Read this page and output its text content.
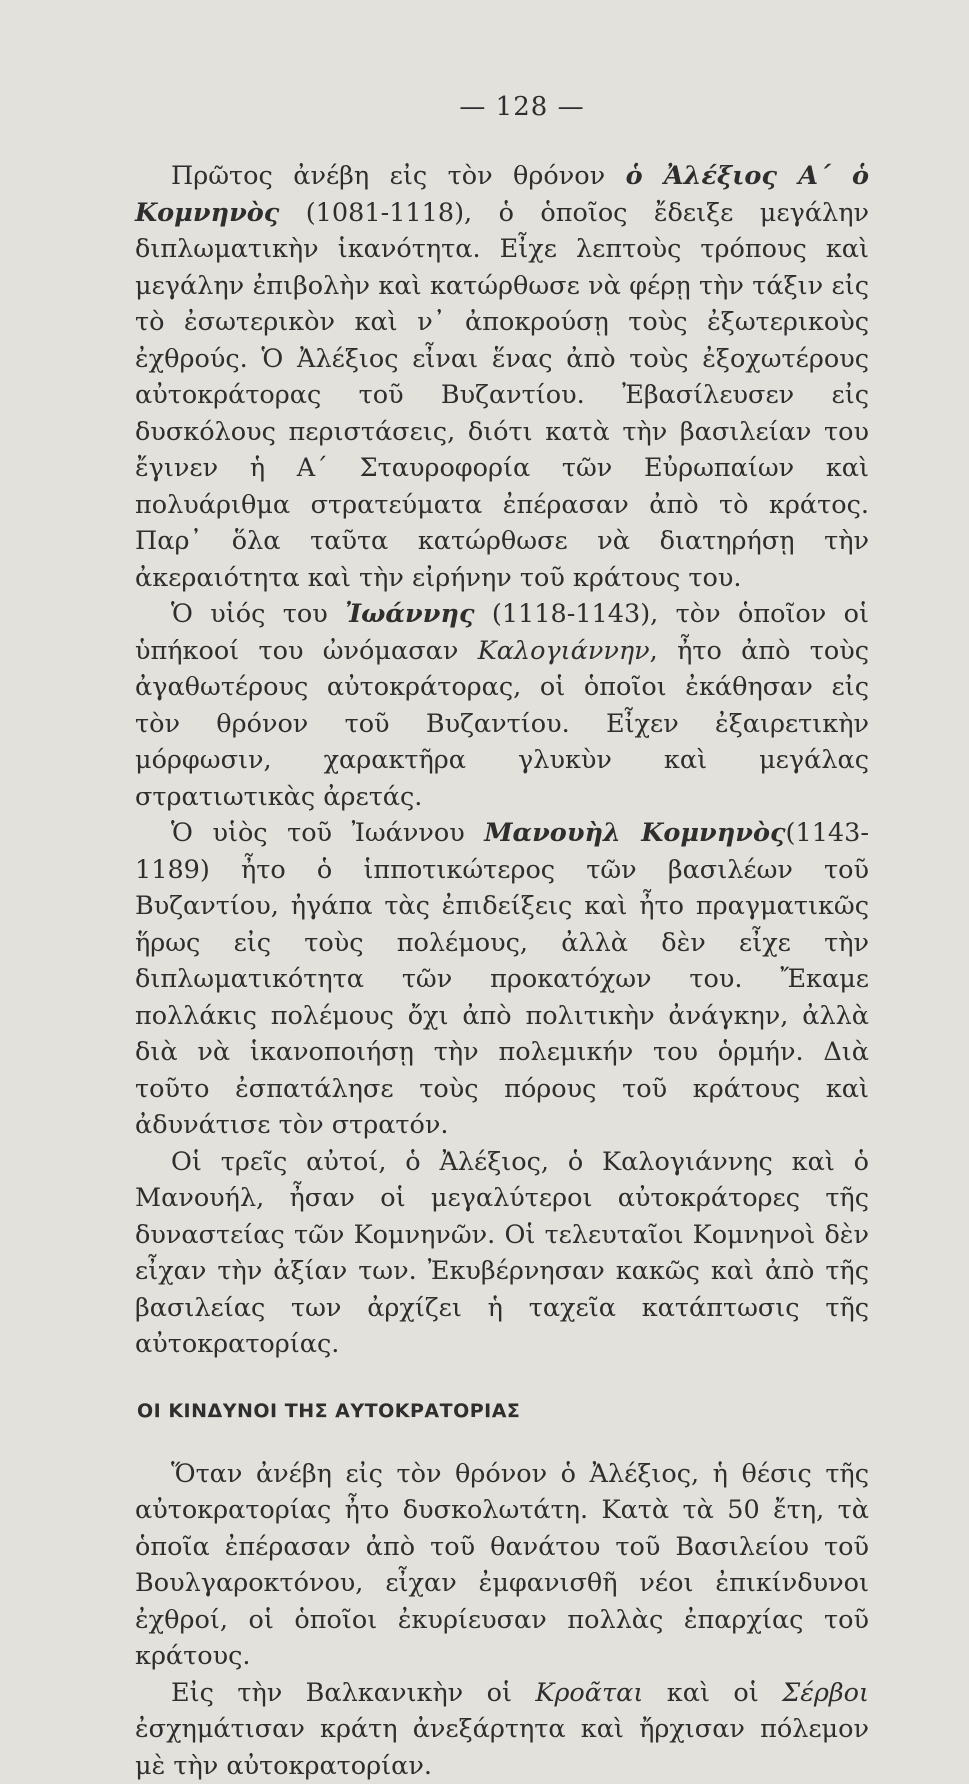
— 128 —

Πρῶτος ἀνέβη εἰς τὸν θρόνον ὁ Ἀλέξιος Α΄ ὁ Κομνηνὸς (1081-1118), ὁ ὁποῖος ἔδειξε μεγάλην διπλωματικὴν ἱκανότητα. Εἶχε λεπτοὺς τρόπους καὶ μεγάλην ἐπιβολὴν καὶ κατώρθωσε νὰ φέρῃ τὴν τάξιν εἰς τὸ ἐσωτερικὸν καὶ ν᾽ ἀποκρούσῃ τοὺς ἐξωτερικοὺς ἐχθρούς. Ὁ Ἀλέξιος εἶναι ἕνας ἀπὸ τοὺς ἐξοχωτέρους αὐτοκράτορας τοῦ Βυζαντίου. Ἐβασίλευσεν εἰς δυσκόλους περιστάσεις, διότι κατὰ τὴν βασιλείαν του ἔγινεν ἡ Α΄ Σταυροφορία τῶν Εὐρωπαίων καὶ πολυάριθμα στρατεύματα ἐπέρασαν ἀπὸ τὸ κράτος. Παρ᾽ ὅλα ταῦτα κατώρθωσε νὰ διατηρήσῃ τὴν ἀκεραιότητα καὶ τὴν εἰρήνην τοῦ κράτους του.

Ὁ υἱός του Ἰωάννης (1118-1143), τὸν ὁποῖον οἱ ὑπήκοοί του ὠνόμασαν Καλογιάννην, ἦτο ἀπὸ τοὺς ἀγαθωτέρους αὐτοκράτορας, οἱ ὁποῖοι ἐκάθησαν εἰς τὸν θρόνον τοῦ Βυζαντίου. Εἶχεν ἐξαιρετικὴν μόρφωσιν, χαρακτῆρα γλυκὺν καὶ μεγάλας στρατιωτικὰς ἀρετάς.

Ὁ υἱὸς τοῦ Ἰωάννου Μανουὴλ Κομνηνὸς(1143-1189) ἦτο ὁ ἱπποτικώτερος τῶν βασιλέων τοῦ Βυζαντίου, ἠγάπα τὰς ἐπιδείξεις καὶ ἦτο πραγματικῶς ἥρως εἰς τοὺς πολέμους, ἀλλὰ δὲν εἶχε τὴν διπλωματικότητα τῶν προκατόχων του. Ἔκαμε πολλάκις πολέμους ὄχι ἀπὸ πολιτικὴν ἀνάγκην, ἀλλὰ διὰ νὰ ἱκανοποιήσῃ τὴν πολεμικήν του ὁρμήν. Διὰ τοῦτο ἐσπατάλησε τοὺς πόρους τοῦ κράτους καὶ ἀδυνάτισε τὸν στρατόν.

Οἱ τρεῖς αὐτοί, ὁ Ἀλέξιος, ὁ Καλογιάννης καὶ ὁ Μανουήλ, ἦσαν οἱ μεγαλύτεροι αὐτοκράτορες τῆς δυναστείας τῶν Κομνηνῶν. Οἱ τελευταῖοι Κομνηνοὶ δὲν εἶχαν τὴν ἀξίαν των. Ἐκυβέρνησαν κακῶς καὶ ἀπὸ τῆς βασιλείας των ἀρχίζει ἡ ταχεῖα κατάπτωσις τῆς αὐτοκρατορίας.

ΟΙ ΚΙΝΔΥΝΟΙ ΤΗΣ ΑΥΤΟΚΡΑΤΟΡΙΑΣ

Ὅταν ἀνέβη εἰς τὸν θρόνον ὁ Ἀλέξιος, ἡ θέσις τῆς αὐτοκρατορίας ἦτο δυσκολωτάτη. Κατὰ τὰ 50 ἔτη, τὰ ὁποῖα ἐπέρασαν ἀπὸ τοῦ θανάτου τοῦ Βασιλείου τοῦ Βουλγαροκτόνου, εἶχαν ἐμφανισθῆ νέοι ἐπικίνδυνοι ἐχθροί, οἱ ὁποῖοι ἐκυρίευσαν πολλὰς ἐπαρχίας τοῦ κράτους.

Εἰς τὴν Βαλκανικὴν οἱ Κροᾶται καὶ οἱ Σέρβοι ἐσχημάτισαν κράτη ἀνεξάρτητα καὶ ἤρχισαν πόλεμον μὲ τὴν αὐτοκρατορίαν.
